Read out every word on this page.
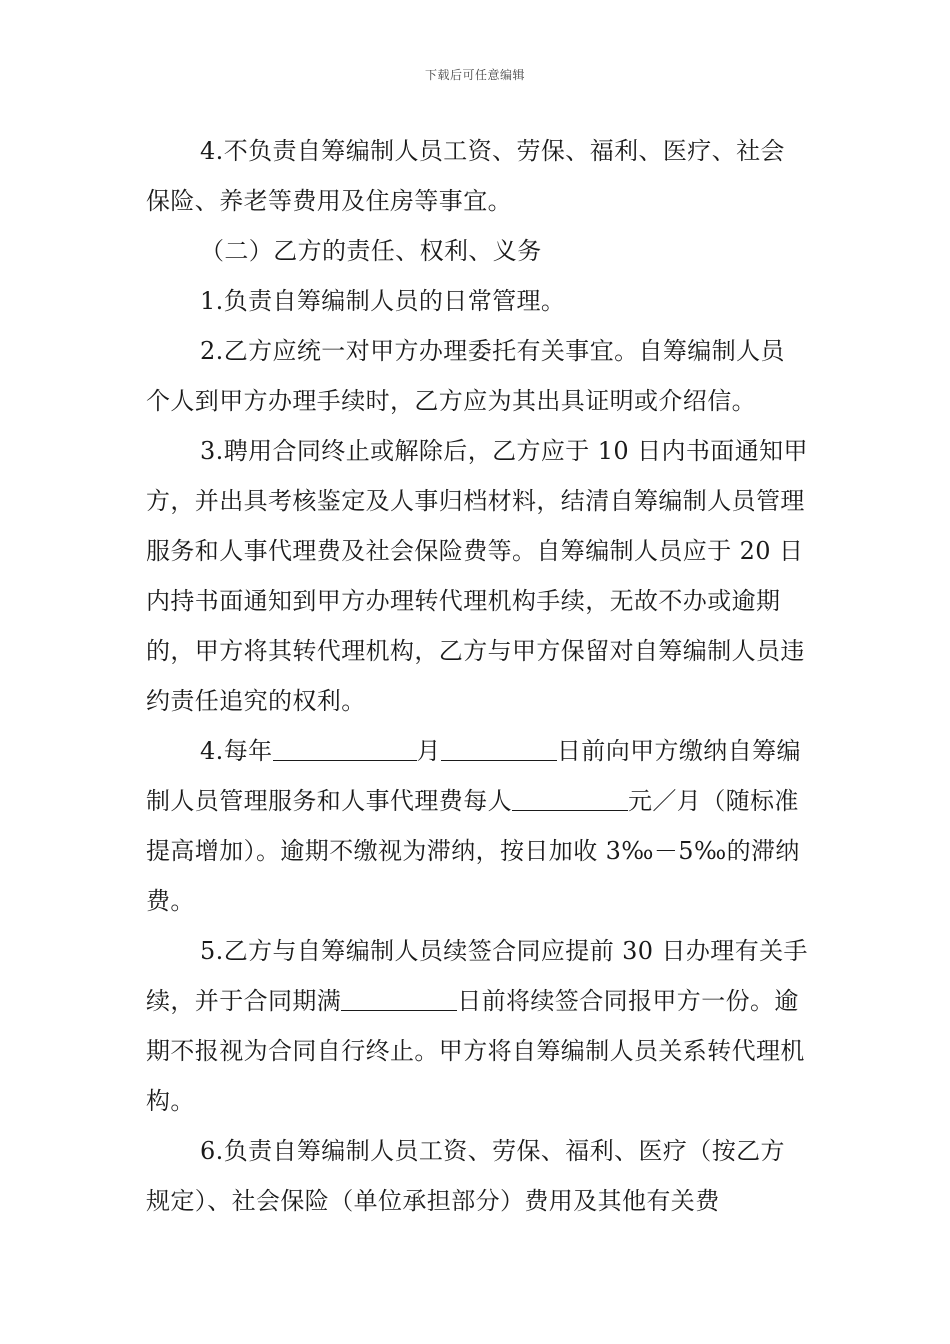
下载后可任意编辑

4.不负责自筹编制人员工资、劳保、福利、医疗、社会保险、养老等费用及住房等事宜。

（二）乙方的责任、权利、义务

1.负责自筹编制人员的日常管理。

2.乙方应统一对甲方办理委托有关事宜。自筹编制人员个人到甲方办理手续时，乙方应为其出具证明或介绍信。

3.聘用合同终止或解除后，乙方应于 10 日内书面通知甲方，并出具考核鉴定及人事归档材料，结清自筹编制人员管理服务和人事代理费及社会保险费等。自筹编制人员应于 20 日内持书面通知到甲方办理转代理机构手续，无故不办或逾期的，甲方将其转代理机构，乙方与甲方保留对自筹编制人员违约责任追究的权利。

4.每年	月	日前向甲方缴纳自筹编制人员管理服务和人事代理费每人	元／月（随标准提高增加）。逾期不缴视为滞纳，按日加收 3‰－5‰的滞纳费。

5.乙方与自筹编制人员续签合同应提前 30 日办理有关手续，并于合同期满	日前将续签合同报甲方一份。逾期不报视为合同自行终止。甲方将自筹编制人员关系转代理机构。

6.负责自筹编制人员工资、劳保、福利、医疗（按乙方规定）、社会保险（单位承担部分）费用及其他有关费
